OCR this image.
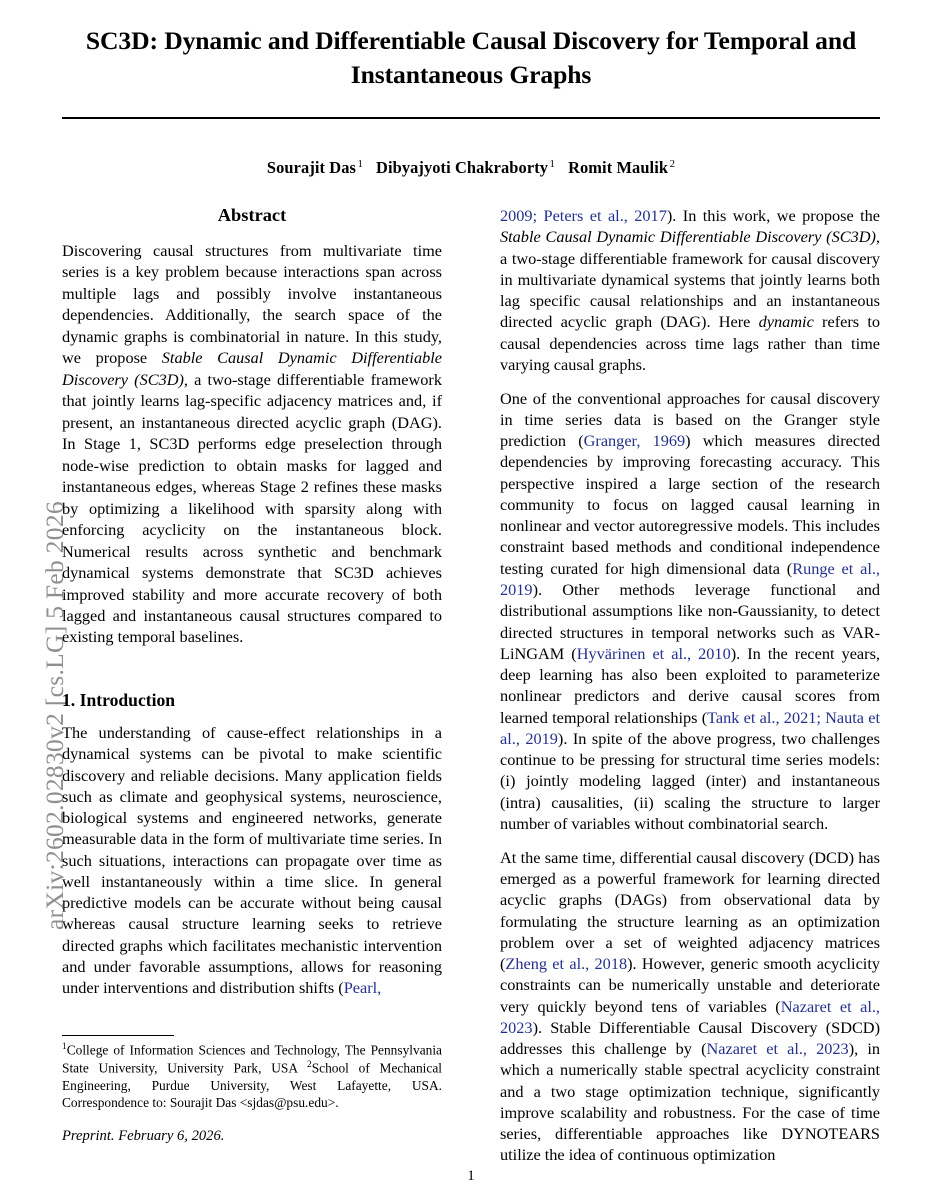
arXiv:2602.02830v2 [cs.LG] 5 Feb 2026
SC3D: Dynamic and Differentiable Causal Discovery for Temporal and Instantaneous Graphs
Sourajit Das $^1$ Dibyajyoti Chakraborty $^1$ Romit Maulik $^2$
Abstract

Discovering causal structures from multivariate time series is a key problem because interactions span across multiple lags and possibly involve instantaneous dependencies. Additionally, the search space of the dynamic graphs is combinatorial in nature. In this study, we propose Stable Causal Dynamic Differentiable Discovery (SC3D), a two-stage differentiable framework that jointly learns lag-specific adjacency matrices and, if present, an instantaneous directed acyclic graph (DAG). In Stage 1, SC3D performs edge preselection through node-wise prediction to obtain masks for lagged and instantaneous edges, whereas Stage 2 refines these masks by optimizing a likelihood with sparsity along with enforcing acyclicity on the instantaneous block. Numerical results across synthetic and benchmark dynamical systems demonstrate that SC3D achieves improved stability and more accurate recovery of both lagged and instantaneous causal structures compared to existing temporal baselines.

1. Introduction

The understanding of cause-effect relationships in a dynamical systems can be pivotal to make scientific discovery and reliable decisions. Many application fields such as climate and geophysical systems, neuroscience, biological systems and engineered networks, generate measurable data in the form of multivariate time series. In such situations, interactions can propagate over time as well instantaneously within a time slice. In general predictive models can be accurate without being causal whereas causal structure learning seeks to retrieve directed graphs which facilitates mechanistic intervention and under favorable assumptions, allows for reasoning under interventions and distribution shifts (Pearl,

2009; Peters et al., 2017). In this work, we propose the Stable Causal Dynamic Differentiable Discovery (SC3D), a two-stage differentiable framework for causal discovery in multivariate dynamical systems that jointly learns both lag specific causal relationships and an instantaneous directed acyclic graph (DAG). Here dynamic refers to causal dependencies across time lags rather than time varying causal graphs.

One of the conventional approaches for causal discovery in time series data is based on the Granger style prediction (Granger, 1969) which measures directed dependencies by improving forecasting accuracy. This perspective inspired a large section of the research community to focus on lagged causal learning in nonlinear and vector autoregressive models. This includes constraint based methods and conditional independence testing curated for high dimensional data (Runge et al., 2019). Other methods leverage functional and distributional assumptions like non-Gaussianity, to detect directed structures in temporal networks such as VAR-LiNGAM (Hyvärinen et al., 2010). In the recent years, deep learning has also been exploited to parameterize nonlinear predictors and derive causal scores from learned temporal relationships (Tank et al., 2021; Nauta et al., 2019). In spite of the above progress, two challenges continue to be pressing for structural time series models: (i) jointly modeling lagged (inter) and instantaneous (intra) causalities, (ii) scaling the structure to larger number of variables without combinatorial search.

At the same time, differential causal discovery (DCD) has emerged as a powerful framework for learning directed acyclic graphs (DAGs) from observational data by formulating the structure learning as an optimization problem over a set of weighted adjacency matrices (Zheng et al., 2018). However, generic smooth acyclicity constraints can be numerically unstable and deteriorate very quickly beyond tens of variables (Nazaret et al., 2023). Stable Differentiable Causal Discovery (SDCD) addresses this challenge by (Nazaret et al., 2023), in which a numerically stable spectral acyclicity constraint and a two stage optimization technique, significantly improve scalability and robustness. For the case of time series, differentiable approaches like DYNOTEARS utilize the idea of continuous optimization

$^1$College of Information Sciences and Technology, The Pennsylvania State University, University Park, USA $^2$School of Mechanical Engineering, Purdue University, West Lafayette, USA. Correspondence to: Sourajit Das <sjdas@psu.edu>.

Preprint. February 6, 2026.
1
